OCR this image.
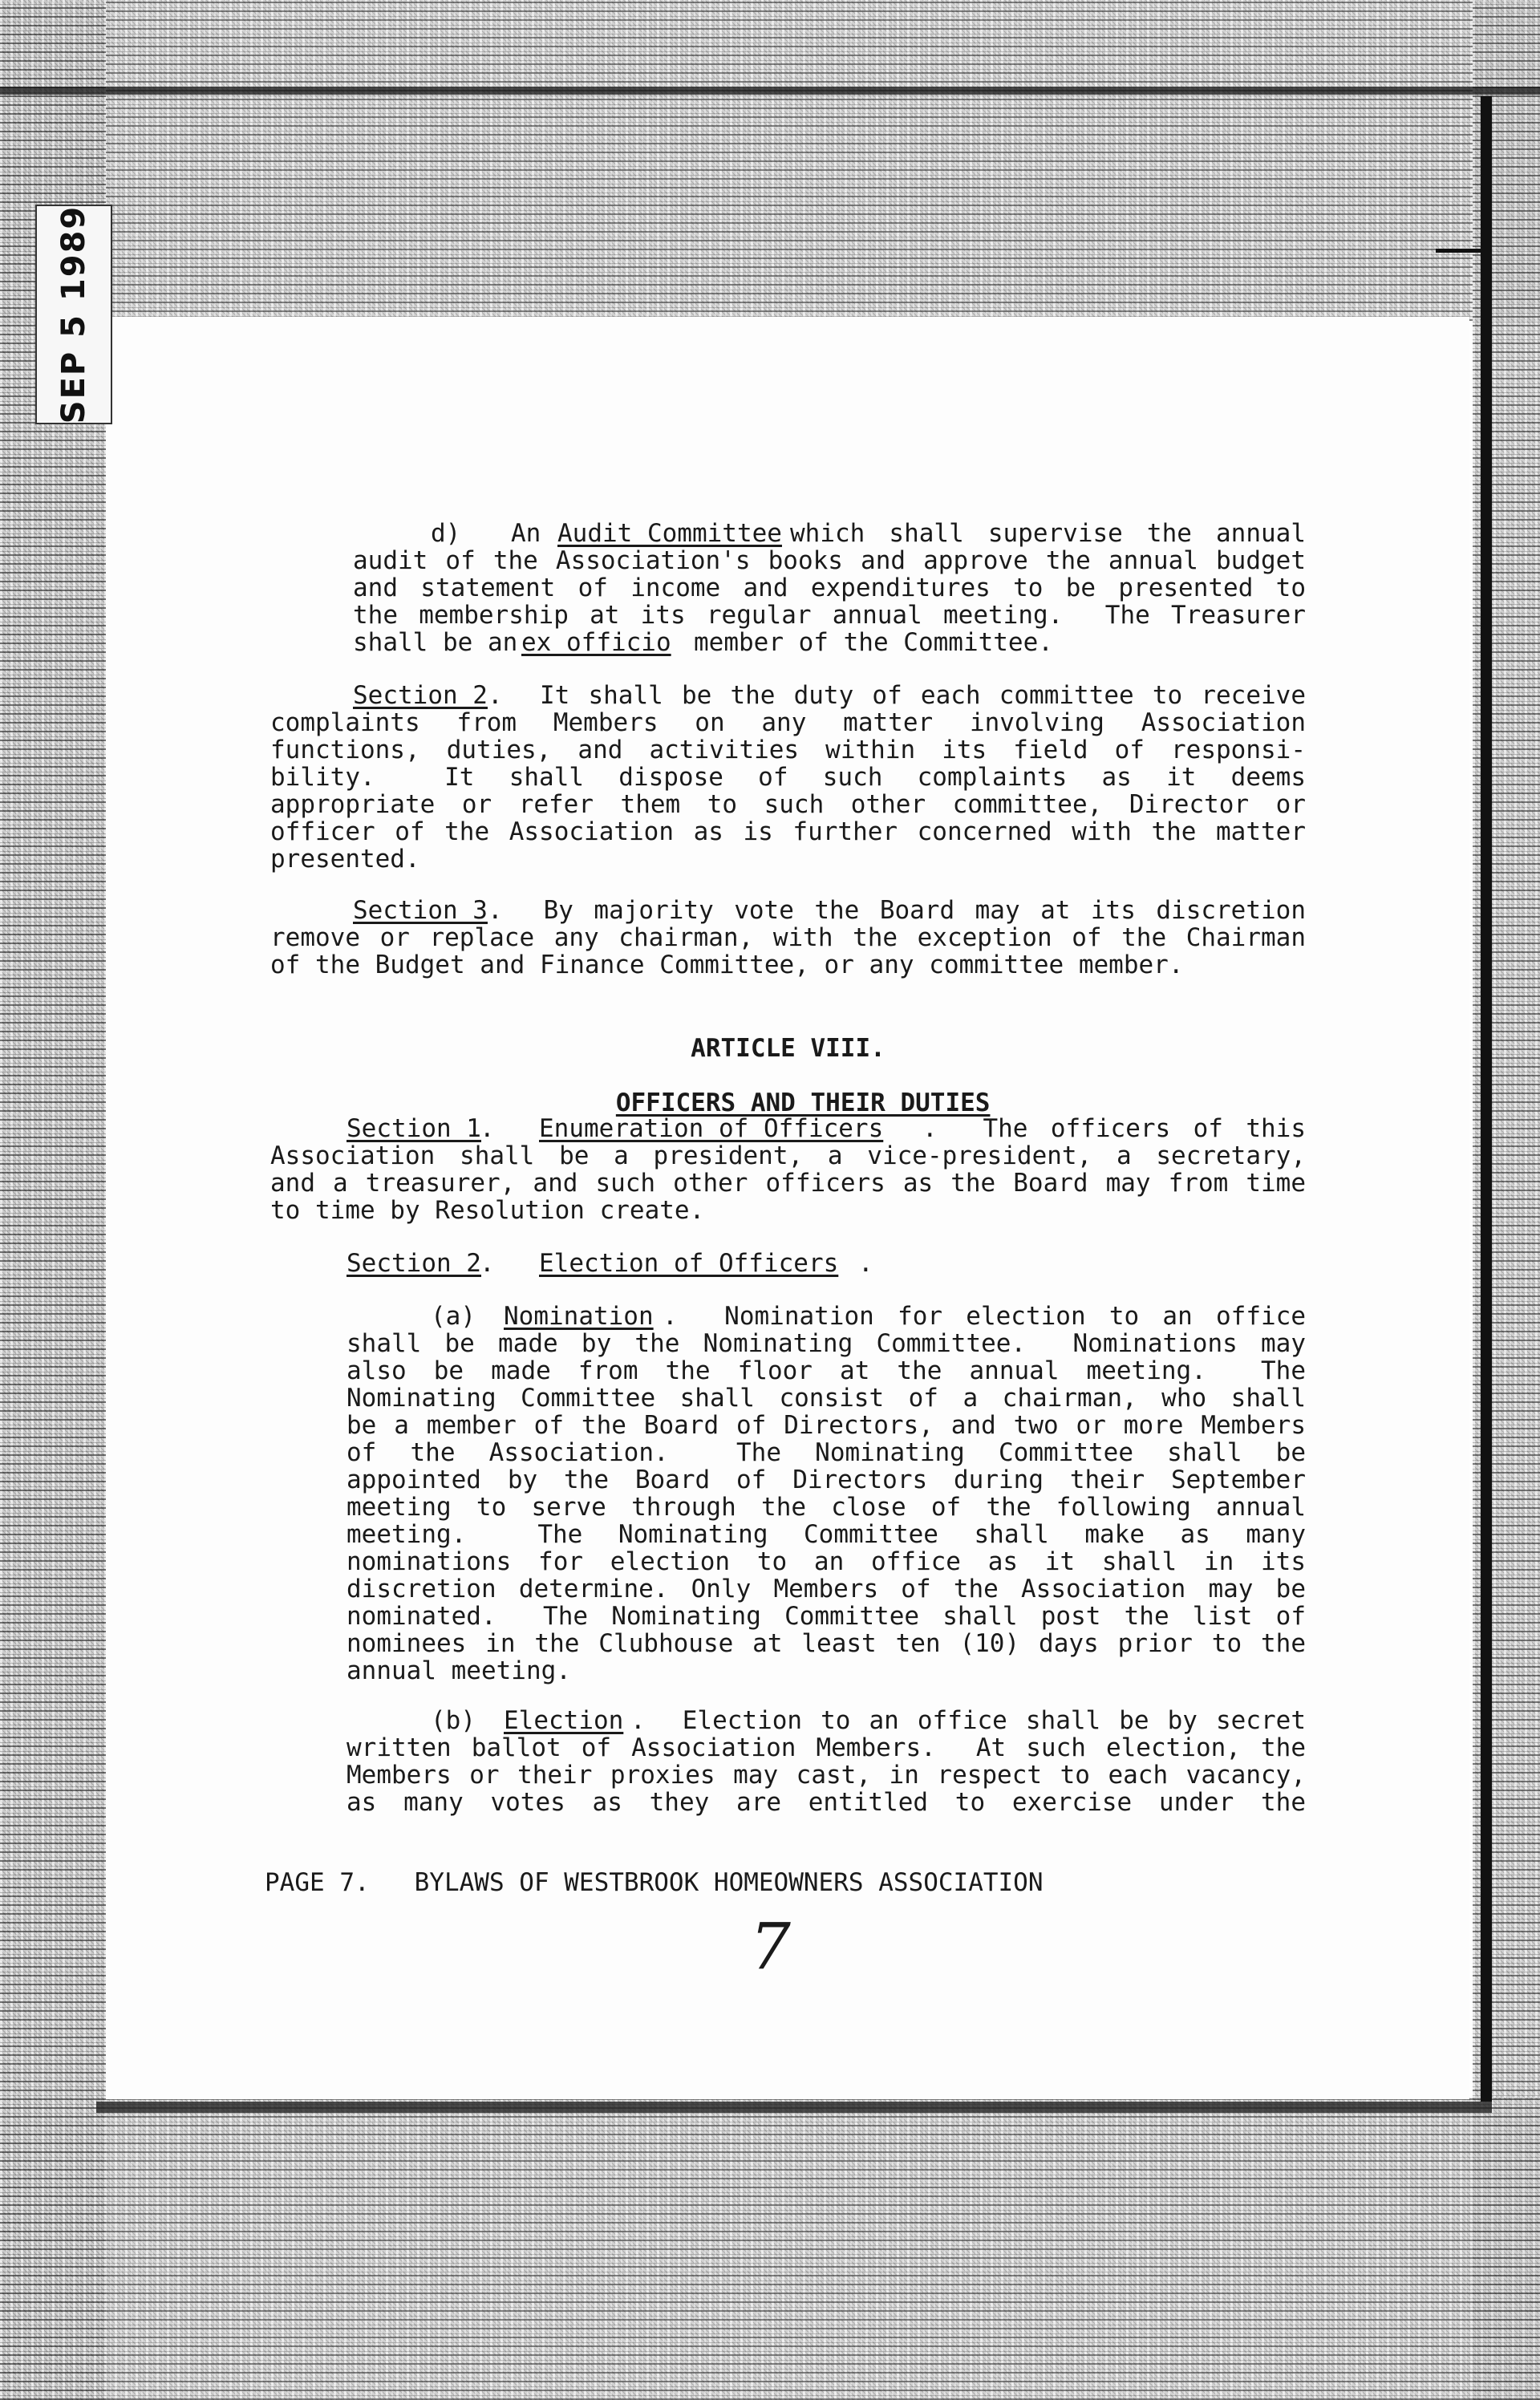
SEP 5 1989
d) An Audit Committee which shall supervise the annual
audit of the Association's books and approve the annual budget
and statement of income and expenditures to be presented to
the membership at its regular annual meeting.  The Treasurer
shall be an ex officio member of the Committee.
Section 2 .  It shall be the duty of each committee to receive
complaints from Members on any matter involving Association
functions, duties, and activities within its field of responsi-
bility.  It shall dispose of such complaints as it deems
appropriate or refer them to such other committee, Director or
officer of the Association as is further concerned with the matter
presented.
Section 3 .  By majority vote the Board may at its discretion
remove or replace any chairman, with the exception of the Chairman
of the Budget and Finance Committee, or any committee member.
ARTICLE VIII.

OFFICERS AND THEIR DUTIES

Section 1
. Enumeration of Officers .  The officers of this
Association shall be a president, a vice-president, a secretary,
and a treasurer, and such other officers as the Board may from time
to time by Resolution create.
Section 2
. Election of Officers .
(a) Nomination .  Nomination for election to an office
shall be made by the Nominating Committee.  Nominations may
also be made from the floor at the annual meeting.  The
Nominating Committee shall consist of a chairman, who shall
be a member of the Board of Directors, and two or more Members
of the Association.  The Nominating Committee shall be
appointed by the Board of Directors during their September
meeting to serve through the close of the following annual
meeting.  The Nominating Committee shall make as many
nominations for election to an office as it shall in its
discretion determine. Only Members of the Association may be
nominated.  The Nominating Committee shall post the list of
nominees in the Clubhouse at least ten (10) days prior to the
annual meeting.
(b) Election .  Election to an office shall be by secret
written ballot of Association Members.  At such election, the
Members or their proxies may cast, in respect to each vacancy,
as many votes as they are entitled to exercise under the
PAGE 7.   BYLAWS OF WESTBROOK HOMEOWNERS ASSOCIATION
7
